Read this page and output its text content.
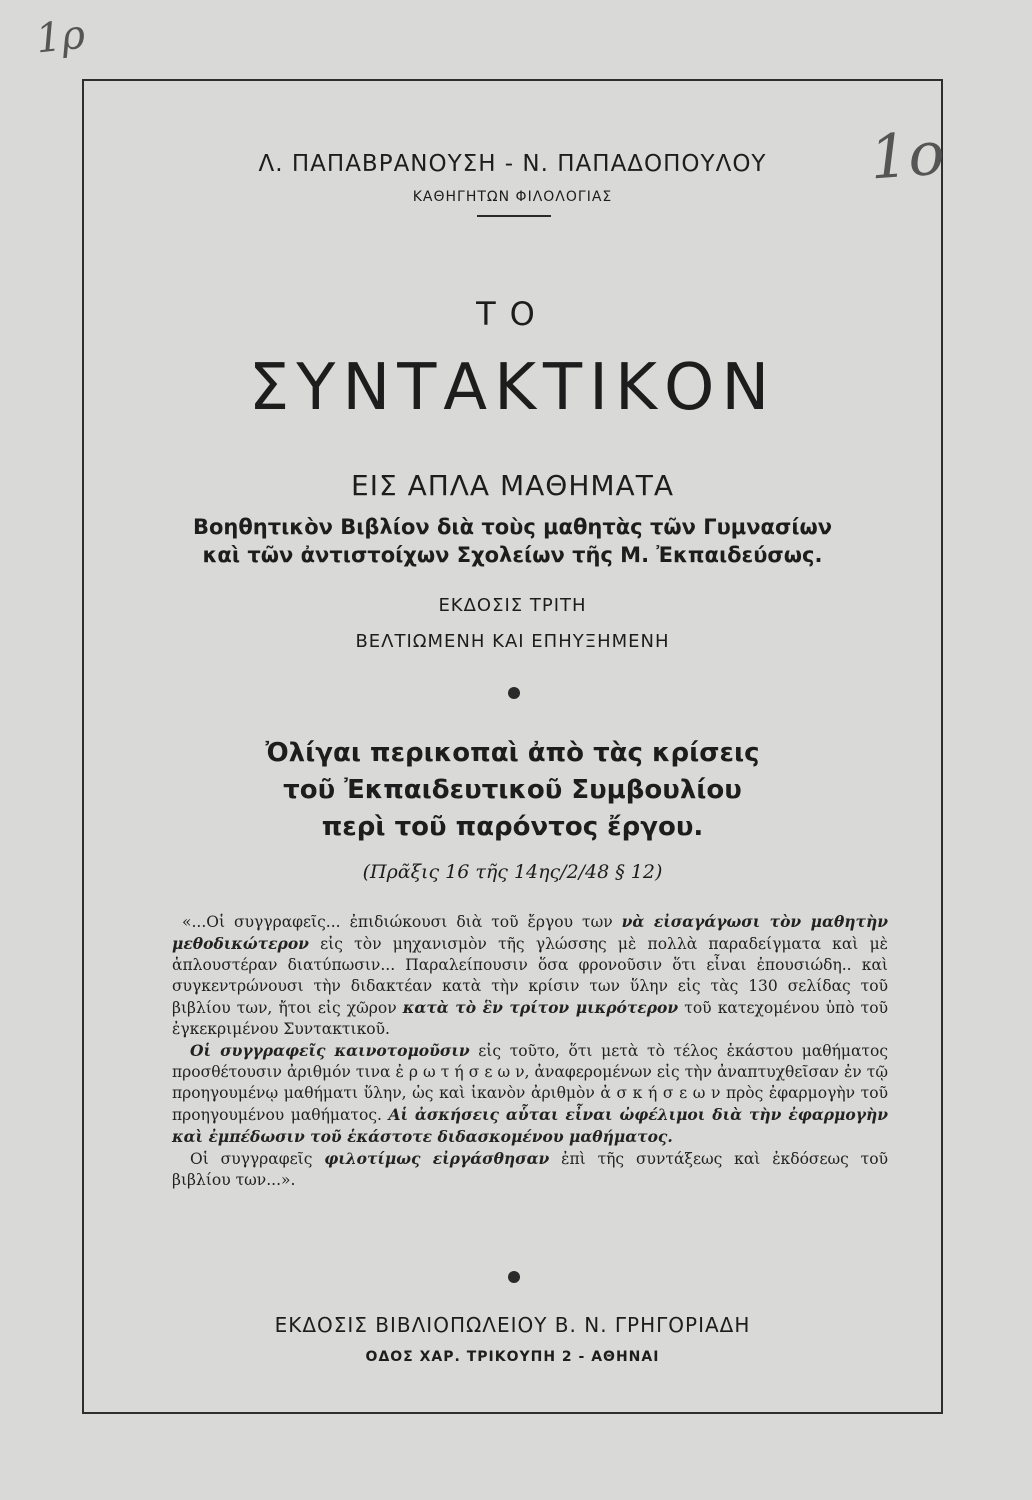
1ρ
1ο
Λ. ΠΑΠΑΒΡΑΝΟΥΣΗ - Ν. ΠΑΠΑΔΟΠΟΥΛΟΥ
ΚΑΘΗΓΗΤΩΝ ΦΙΛΟΛΟΓΙΑΣ
ΤΟ
ΣΥΝΤΑΚΤΙΚΟΝ
ΕΙΣ ΑΠΛΑ ΜΑΘΗΜΑΤΑ
Βοηθητικὸν Βιβλίον διὰ τοὺς μαθητὰς τῶν Γυμνασίων
καὶ τῶν ἀντιστοίχων Σχολείων τῆς Μ. Ἐκπαιδεύσως.
ΕΚΔΟΣΙΣ ΤΡΙΤΗ
ΒΕΛΤΙΩΜΕΝΗ ΚΑΙ ΕΠΗΥΞΗΜΕΝΗ
Ὀλίγαι περικοπαὶ ἀπὸ τὰς κρίσεις
τοῦ Ἐκπαιδευτικοῦ Συμβουλίου
περὶ τοῦ παρόντος ἔργου.
(Πρᾶξις 16 τῆς 14ης/2/48 § 12)

«...Οἱ συγγραφεῖς... ἐπιδιώκουσι διὰ τοῦ ἔργου των νὰ εἰσαγάγωσι τὸν μαθητὴν μεθοδικώτερον εἰς τὸν μηχανισμὸν τῆς γλώσσης μὲ πολλὰ παραδείγματα καὶ μὲ ἁπλουστέραν διατύπωσιν... Παραλείπουσιν ὅσα φρονοῦσιν ὅτι εἶναι ἐπουσιώδη.. καὶ συγκεντρώνουσι τὴν διδακτέαν κατὰ τὴν κρίσιν των ὕλην εἰς τὰς 130 σελίδας τοῦ βιβλίου των, ἤτοι εἰς χῶρον κατὰ τὸ ἓν τρίτον μικρότερον τοῦ κατεχομένου ὑπὸ τοῦ ἐγκεκριμένου Συντακτικοῦ.

Οἱ συγγραφεῖς καινοτομοῦσιν εἰς τοῦτο, ὅτι μετὰ τὸ τέλος ἑκάστου μαθήματος προσθέτουσιν ἀριθμόν τινα ἐ ρ ω τ ή σ ε ω ν, ἀναφερομένων εἰς τὴν ἀναπτυχθεῖσαν ἐν τῷ προηγουμένῳ μαθήματι ὕλην, ὡς καὶ ἱκανὸν ἀριθμὸν ἀ σ κ ή σ ε ω ν πρὸς ἐφαρμογὴν τοῦ προηγουμένου μαθήματος. Αἱ ἀσκήσεις αὗται εἶναι ὠφέλιμοι διὰ τὴν ἐφαρμογὴν καὶ ἐμπέδωσιν τοῦ ἑκάστοτε διδασκομένου μαθήματος.

Οἱ συγγραφεῖς φιλοτίμως εἰργάσθησαν ἐπὶ τῆς συντάξεως καὶ ἐκδόσεως τοῦ βιβλίου των...».

ΕΚΔΟΣΙΣ ΒΙΒΛΙΟΠΩΛΕΙΟΥ Β. Ν. ΓΡΗΓΟΡΙΑΔΗ
ΟΔΟΣ ΧΑΡ. ΤΡΙΚΟΥΠΗ 2 - ΑΘΗΝΑΙ
